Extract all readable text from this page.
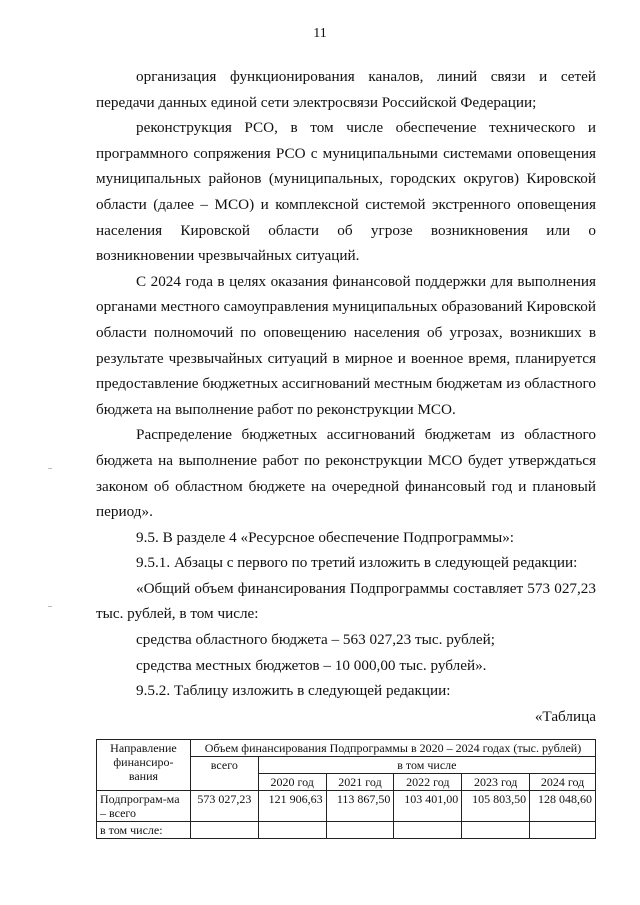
11

организация функционирования каналов, линий связи и сетей передачи данных единой сети электросвязи Российской Федерации;

реконструкция РСО, в том числе обеспечение технического и программного сопряжения РСО с муниципальными системами оповещения муниципальных районов (муниципальных, городских округов) Кировской области (далее – МСО) и комплексной системой экстренного оповещения населения Кировской области об угрозе возникновения или о возникновении чрезвычайных ситуаций.

С 2024 года в целях оказания финансовой поддержки для выполнения органами местного самоуправления муниципальных образований Кировской области полномочий по оповещению населения об угрозах, возникших в результате чрезвычайных ситуаций в мирное и военное время, планируется предоставление бюджетных ассигнований местным бюджетам из областного бюджета на выполнение работ по реконструкции МСО.

Распределение бюджетных ассигнований бюджетам из областного бюджета на выполнение работ по реконструкции МСО будет утверждаться законом об областном бюджете на очередной финансовый год и плановый период».

9.5. В разделе 4 «Ресурсное обеспечение Подпрограммы»:

9.5.1. Абзацы с первого по третий изложить в следующей редакции:

«Общий объем финансирования Подпрограммы составляет 573 027,23 тыс. рублей, в том числе:

средства областного бюджета – 563 027,23 тыс. рублей;

средства местных бюджетов – 10 000,00 тыс. рублей».

9.5.2. Таблицу изложить в следующей редакции:

«Таблица

Направление финансиро-вания	Объем финансирования Подпрограммы в 2020 – 2024 годах (тыс. рублей)					
	всего	в том числе				
		2020 год	2021 год	2022 год	2023 год	2024 год
Подпрограм-ма – всего	573 027,23	121 906,63	113 867,50	103 401,00	105 803,50	128 048,60
в том числе:						
